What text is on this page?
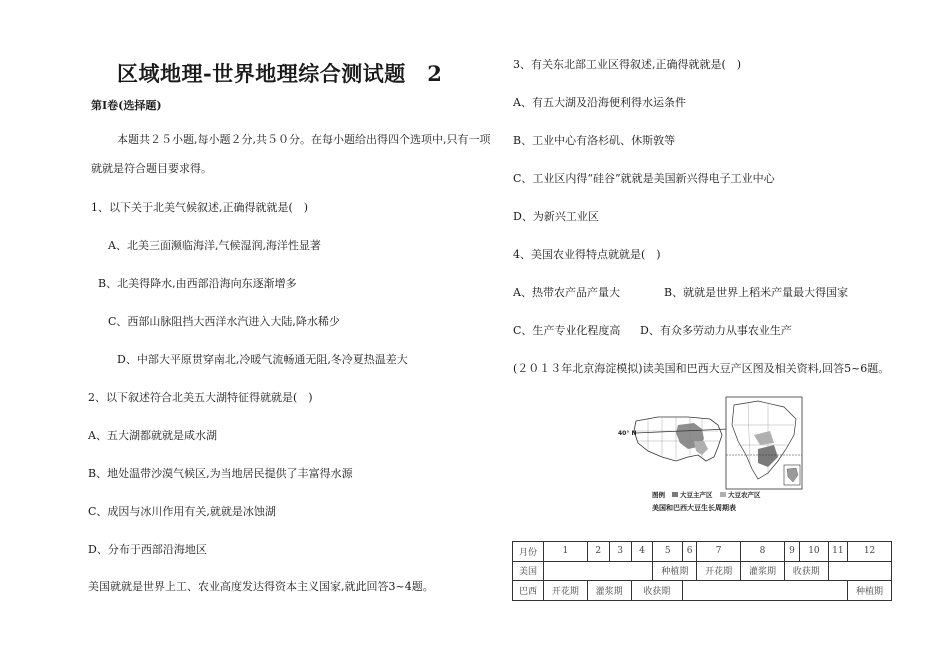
区域地理-世界地理综合测试题　2
第Ⅰ卷(选择题)
本题共２５小题,每小题２分,共５０分。在每小题给出得四个选项中,只有一项
就就是符合题目要求得。
1、以下关于北美气候叙述,正确得就就是(　)
A、北美三面濒临海洋,气候湿润,海洋性显著
B、北美得降水,由西部沿海向东逐渐增多
C、西部山脉阻挡大西洋水汽进入大陆,降水稀少
D、中部大平原贯穿南北,冷暖气流畅通无阻,冬冷夏热温差大
2、以下叙述符合北美五大湖特征得就就是(　)
A、五大湖都就就是咸水湖
B、地处温带沙漠气候区,为当地居民提供了丰富得水源
C、成因与冰川作用有关,就就是冰蚀湖
D、分布于西部沿海地区
美国就就是世界上工、农业高度发达得资本主义国家,就此回答3~4题。
3、有关东北部工业区得叙述,正确得就就是(　)
A、有五大湖及沿海便利得水运条件
B、工业中心有洛杉矶、休斯敦等
C、工业区内得“硅谷”就就是美国新兴得电子工业中心
D、为新兴工业区
4、美国农业得特点就就是(　)
A、热带农产品产量大	B、就就是世界上稻米产量最大得国家
C、生产专业化程度高 D、有众多劳动力从事农业生产
(２０１３年北京海淀模拟)读美国和巴西大豆产区图及相关资料,回答5~6题。
40° N
图例 大豆主产区 大豆农产区
美国和巴西大豆生长周期表
月份	1	2	3	4	5	6	7	8	9	10	11	12
美国					种植期		开花期	灌浆期	收获期			
巴西	开花期	灌浆期		收获期								种植期
